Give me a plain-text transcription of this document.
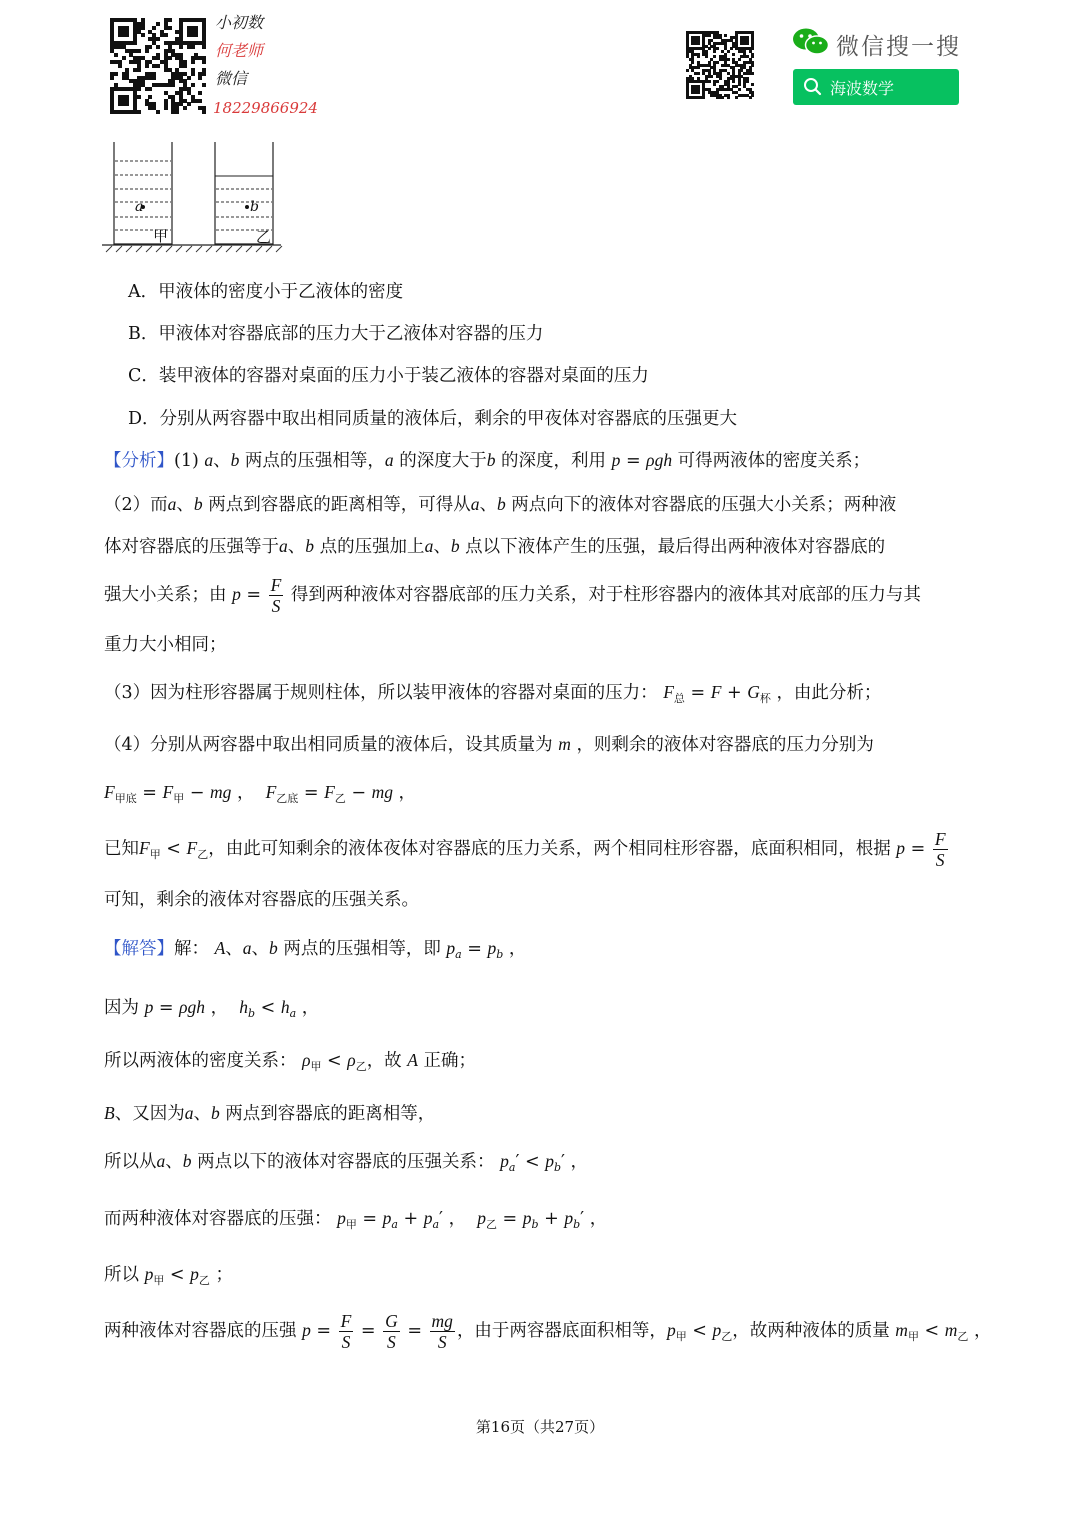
小初数
何老师
微信
18229866924
微信搜一搜
海波数学
a	b
甲	乙
A．甲液体的密度小于乙液体的密度
B．甲液体对容器底部的压力大于乙液体对容器的压力
C．装甲液体的容器对桌面的压力小于装乙液体的容器对桌面的压力
D．分别从两容器中取出相同质量的液体后，剩余的甲夜体对容器底的压强更大
【分析】(1) a、b 两点的压强相等，a 的深度大于b 的深度，利用 p = ρgh 可得两液体的密度关系；
（2）而a、b 两点到容器底的距离相等，可得从a、b 两点向下的液体对容器底的压强大小关系；两种液
体对容器底的压强等于a、b 点的压强加上a、b 点以下液体产生的压强，最后得出两种液体对容器底的
强大小关系；由 $p = \frac{F}{S}$ 得到两种液体对容器底部的压力关系，对于柱形容器内的液体其对底部的压力与其
重力大小相同；
（3）因为柱形容器属于规则柱体，所以装甲液体的容器对桌面的压力： $F_总 = F + G_杯$ ，由此分析；
（4）分别从两容器中取出相同质量的液体后，设其质量为 m ，则剩余的液体对容器底的压力分别为
$F_{甲底} = F_甲$ − mg ，  $F_{乙底} = F_乙$ − mg ，
已知$F_甲 < F_乙$，由此可知剩余的液体夜体对容器底的压力关系，两个相同柱形容器，底面积相同，根据 $p = \frac{F}{S}$
可知，剩余的液体对容器底的压强关系。
【解答】解： A、a、b 两点的压强相等，即 $p_a = p_b$ ，
因为 p = ρgh ，  $h_b < h_a$ ，
所以两液体的密度关系： $\rho_甲 < \rho_乙$，故 A 正确；
B、又因为a、b 两点到容器底的距离相等，
所以从a、b 两点以下的液体对容器底的压强关系： $p_a' < p_b'$ ，
而两种液体对容器底的压强： $p_甲 = p_a + p_a'$ ，  $p_乙 = p_b + p_b'$ ，
所以 $p_甲 < p_乙$ ；
两种液体对容器底的压强 $p = \frac{F}{S} = \frac{G}{S} = \frac{mg}{S}$ ，由于两容器底面积相等，$p_甲 < p_乙$，故两种液体的质量 $m_甲 < m_乙$ ，
第16页（共27页）
